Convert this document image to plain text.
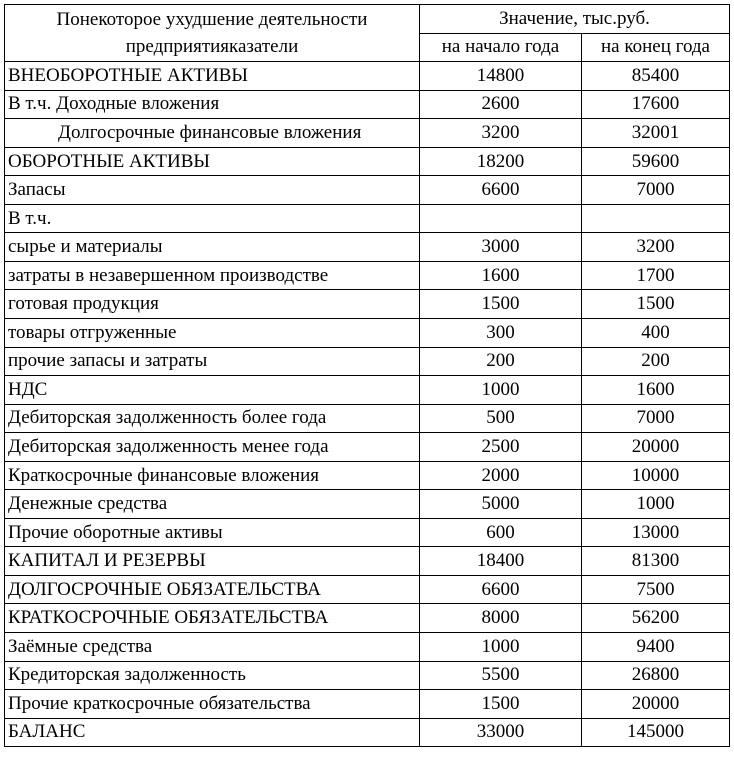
Понекоторое ухудшение деятельности предприятияказатели	Значение, тыс.руб.	
	на начало года	на конец года
ВНЕОБОРОТНЫЕ АКТИВЫ	14800	85400
В т.ч. Доходные вложения	2600	17600
Долгосрочные финансовые вложения	3200	32001
ОБОРОТНЫЕ АКТИВЫ	18200	59600
Запасы	6600	7000
В т.ч.		
сырье и материалы	3000	3200
затраты в незавершенном производстве	1600	1700
готовая продукция	1500	1500
товары отгруженные	300	400
прочие запасы и затраты	200	200
НДС	1000	1600
Дебиторская задолженность более года	500	7000
Дебиторская задолженность менее года	2500	20000
Краткосрочные финансовые вложения	2000	10000
Денежные средства	5000	1000
Прочие оборотные активы	600	13000
КАПИТАЛ И РЕЗЕРВЫ	18400	81300
ДОЛГОСРОЧНЫЕ ОБЯЗАТЕЛЬСТВА	6600	7500
КРАТКОСРОЧНЫЕ ОБЯЗАТЕЛЬСТВА	8000	56200
Заёмные средства	1000	9400
Кредиторская задолженность	5500	26800
Прочие краткосрочные обязательства	1500	20000
БАЛАНС	33000	145000
